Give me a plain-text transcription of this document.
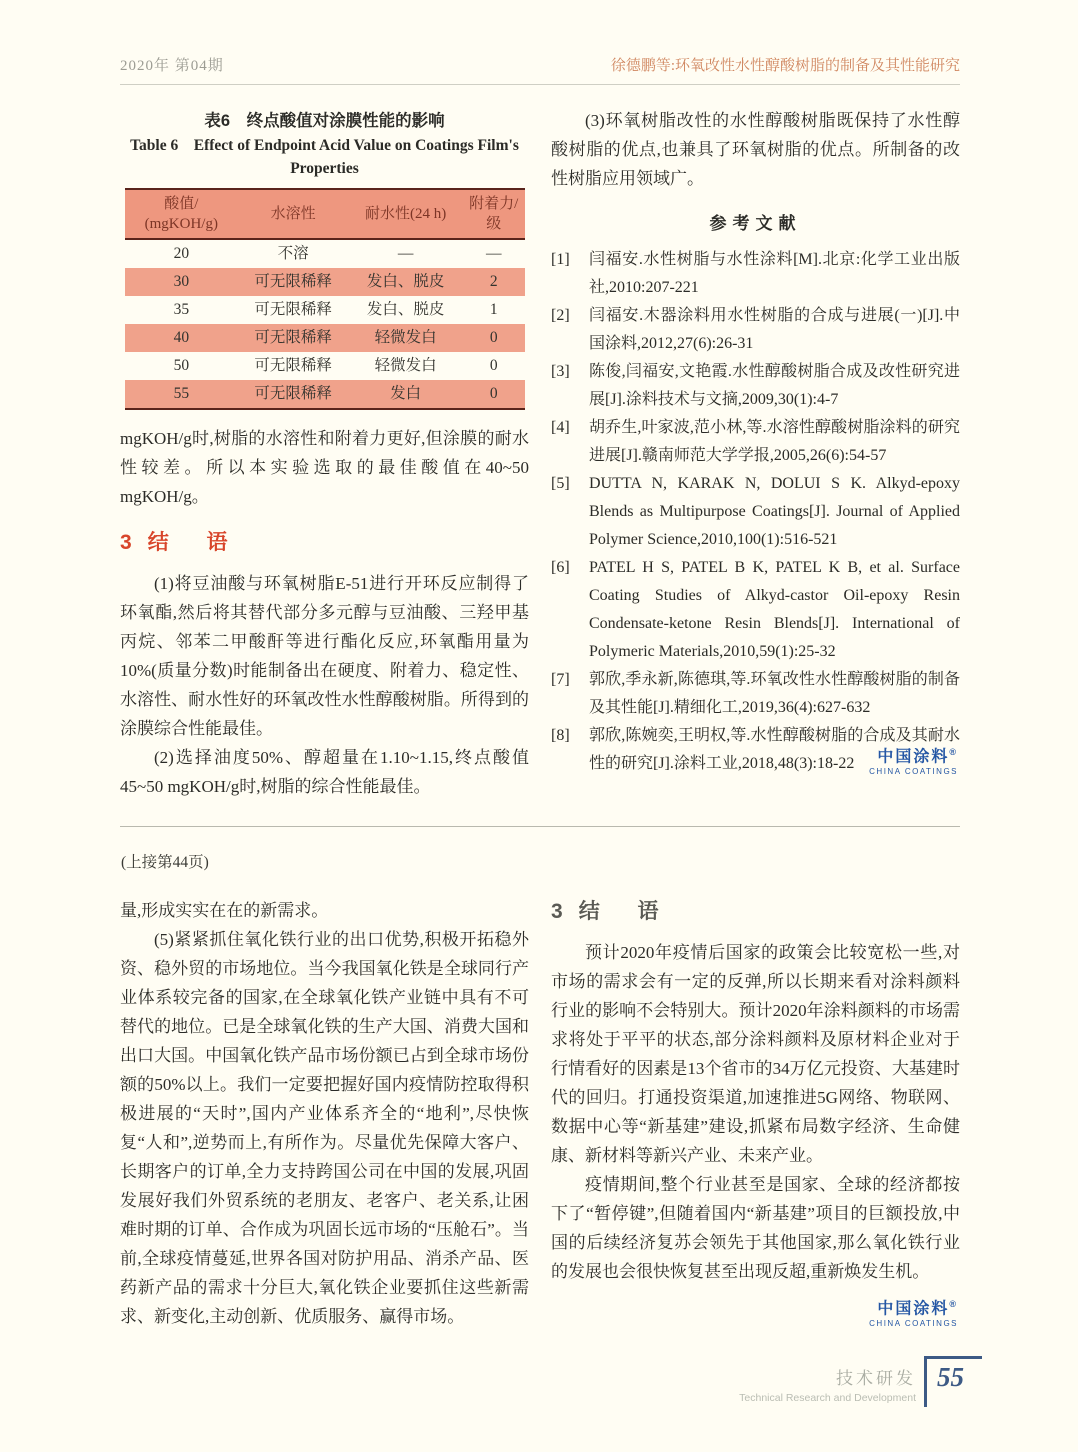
2020年 第04期	徐德鹏等:环氧改性水性醇酸树脂的制备及其性能研究
表6　终点酸值对涂膜性能的影响
Table 6　Effect of Endpoint Acid Value on Coatings Film's
Properties
酸值/
(mgKOH/g)	水溶性	耐水性(24 h)	附着力/级
20	不溶	—	—
30	可无限稀释	发白、脱皮	2
35	可无限稀释	发白、脱皮	1
40	可无限稀释	轻微发白	0
50	可无限稀释	轻微发白	0
55	可无限稀释	发白	0

mgKOH/g时,树脂的水溶性和附着力更好,但涂膜的耐水性较差。所以本实验选取的最佳酸值在40~50 mgKOH/g。

3 结 语

(1)将豆油酸与环氧树脂E-51进行开环反应制得了环氧酯,然后将其替代部分多元醇与豆油酸、三羟甲基丙烷、邻苯二甲酸酐等进行酯化反应,环氧酯用量为10%(质量分数)时能制备出在硬度、附着力、稳定性、水溶性、耐水性好的环氧改性水性醇酸树脂。所得到的涂膜综合性能最佳。

(2)选择油度50%、醇超量在1.10~1.15,终点酸值45~50 mgKOH/g时,树脂的综合性能最佳。

(3)环氧树脂改性的水性醇酸树脂既保持了水性醇酸树脂的优点,也兼具了环氧树脂的优点。所制备的改性树脂应用领域广。

参考文献
[1]	闫福安.水性树脂与水性涂料[M].北京:化学工业出版社,2010:207-221
[2]	闫福安.木器涂料用水性树脂的合成与进展(一)[J].中国涂料,2012,27(6):26-31
[3]	陈俊,闫福安,文艳霞.水性醇酸树脂合成及改性研究进展[J].涂料技术与文摘,2009,30(1):4-7
[4]	胡乔生,叶家波,范小林,等.水溶性醇酸树脂涂料的研究进展[J].赣南师范大学学报,2005,26(6):54-57
[5]	DUTTA N, KARAK N, DOLUI S K. Alkyd-epoxy Blends as Multipurpose Coatings[J]. Journal of Applied Polymer Science,2010,100(1):516-521
[6]	PATEL H S, PATEL B K, PATEL K B, et al. Surface Coating Studies of Alkyd-castor Oil-epoxy Resin Condensate-ketone Resin Blends[J]. International of Polymeric Materials,2010,59(1):25-32
[7]	郭欣,季永新,陈德琪,等.环氧改性水性醇酸树脂的制备及其性能[J].精细化工,2019,36(4):627-632
[8]	郭欣,陈婉奕,王明权,等.水性醇酸树脂的合成及其耐水性的研究[J].涂料工业,2018,48(3):18-22	中国涂料®
CHINA COATINGS
(上接第44页)

量,形成实实在在的新需求。

(5)紧紧抓住氧化铁行业的出口优势,积极开拓稳外资、稳外贸的市场地位。当今我国氧化铁是全球同行产业体系较完备的国家,在全球氧化铁产业链中具有不可替代的地位。已是全球氧化铁的生产大国、消费大国和出口大国。中国氧化铁产品市场份额已占到全球市场份额的50%以上。我们一定要把握好国内疫情防控取得积极进展的“天时”,国内产业体系齐全的“地利”,尽快恢复“人和”,逆势而上,有所作为。尽量优先保障大客户、长期客户的订单,全力支持跨国公司在中国的发展,巩固发展好我们外贸系统的老朋友、老客户、老关系,让困难时期的订单、合作成为巩固长远市场的“压舱石”。当前,全球疫情蔓延,世界各国对防护用品、消杀产品、医药新产品的需求十分巨大,氧化铁企业要抓住这些新需求、新变化,主动创新、优质服务、赢得市场。

3 结 语

预计2020年疫情后国家的政策会比较宽松一些,对市场的需求会有一定的反弹,所以长期来看对涂料颜料行业的影响不会特别大。预计2020年涂料颜料的市场需求将处于平平的状态,部分涂料颜料及原材料企业对于行情看好的因素是13个省市的34万亿元投资、大基建时代的回归。打通投资渠道,加速推进5G网络、物联网、数据中心等“新基建”建设,抓紧布局数字经济、生命健康、新材料等新兴产业、未来产业。

疫情期间,整个行业甚至是国家、全球的经济都按下了“暂停键”,但随着国内“新基建”项目的巨额投放,中国的后续经济复苏会领先于其他国家,那么氧化铁行业的发展也会很快恢复甚至出现反超,重新焕发生机。

中国涂料®
CHINA COATINGS
技术研发
Technical Research and Development
55
